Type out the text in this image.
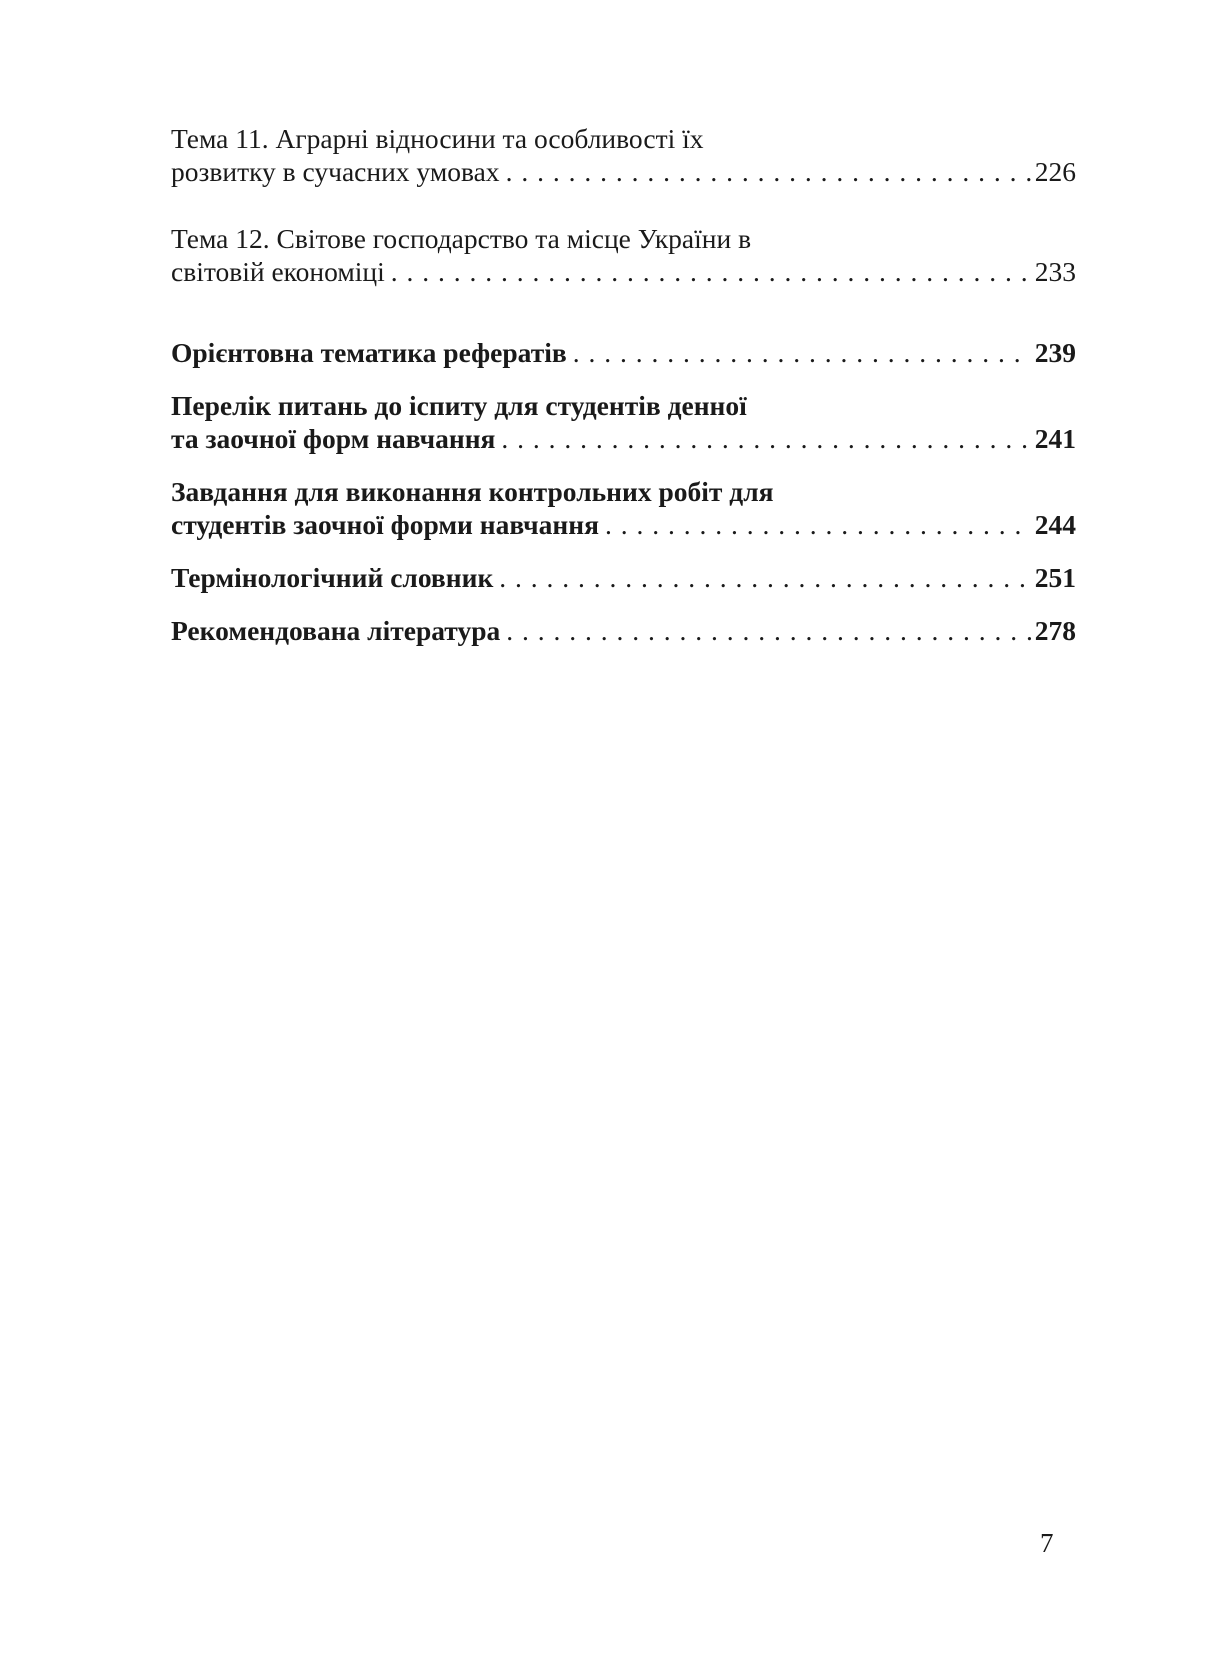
Тема 11. Аграрні відносини та особливості їх
розвитку в сучасних умовах . . .	226
Тема 12. Світове господарство та місце України в
світовій економіці . . .	233
Орієнтовна тематика рефератів . . .	239
Перелік питань до іспиту для студентів денної
та заочної форм навчання . . .	241
Завдання для виконання контрольних робіт для
студентів заочної форми навчання . . .	244
Термінологічний словник . . .	251
Рекомендована література . . .	278
7
